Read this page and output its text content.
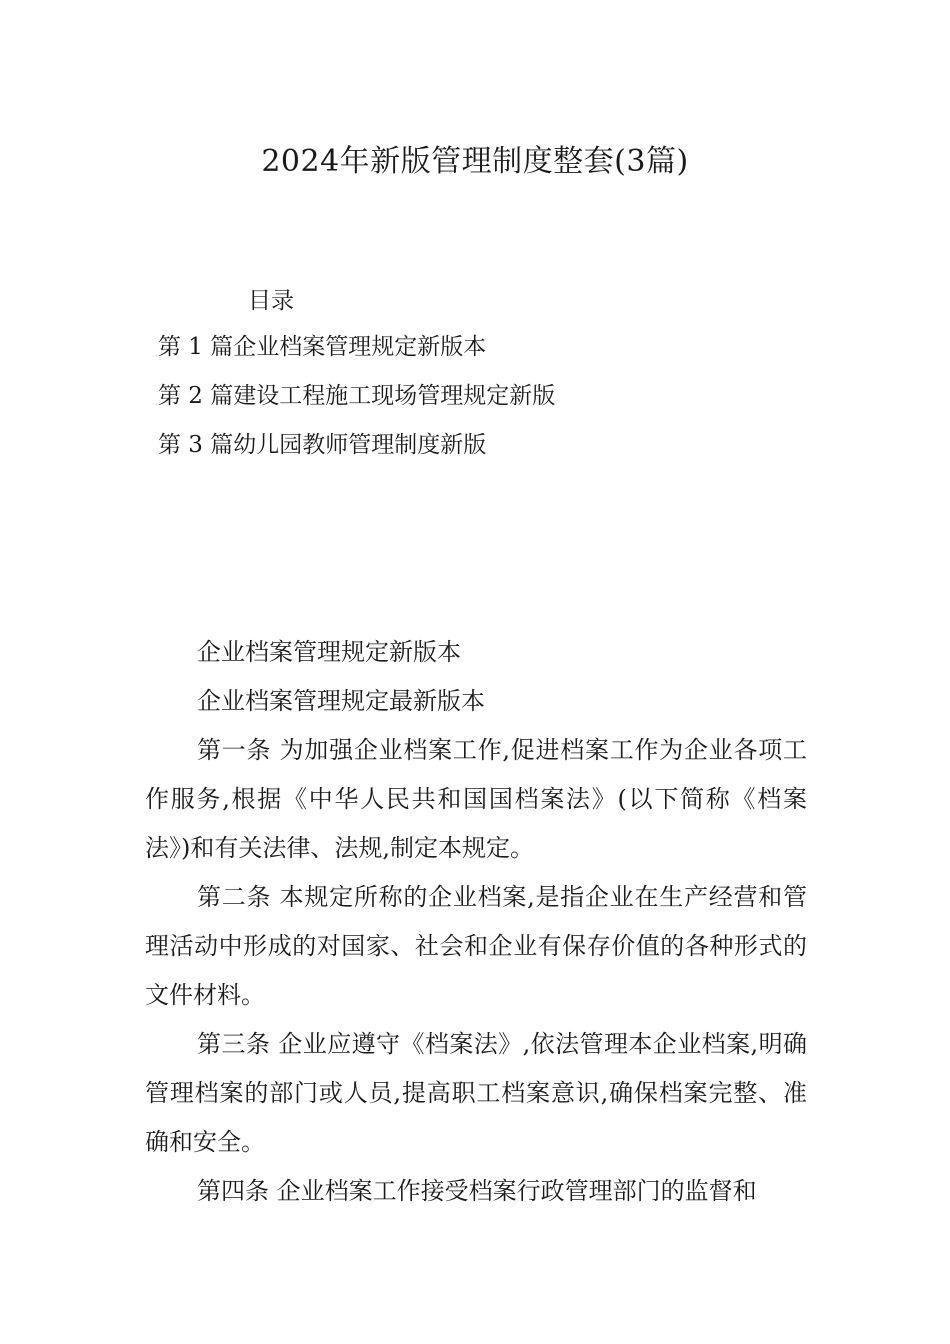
2024年新版管理制度整套(3篇)
目录
第 1 篇企业档案管理规定新版本
第 2 篇建设工程施工现场管理规定新版
第 3 篇幼儿园教师管理制度新版

企业档案管理规定新版本

企业档案管理规定最新版本

第一条 为加强企业档案工作,促进档案工作为企业各项工作服务,根据《中华人民共和国国档案法》(以下简称《档案法》)和有关法律、法规,制定本规定。

第二条 本规定所称的企业档案,是指企业在生产经营和管理活动中形成的对国家、社会和企业有保存价值的各种形式的文件材料。

第三条 企业应遵守《档案法》,依法管理本企业档案,明确管理档案的部门或人员,提高职工档案意识,确保档案完整、准确和安全。

第四条 企业档案工作接受档案行政管理部门的监督和
